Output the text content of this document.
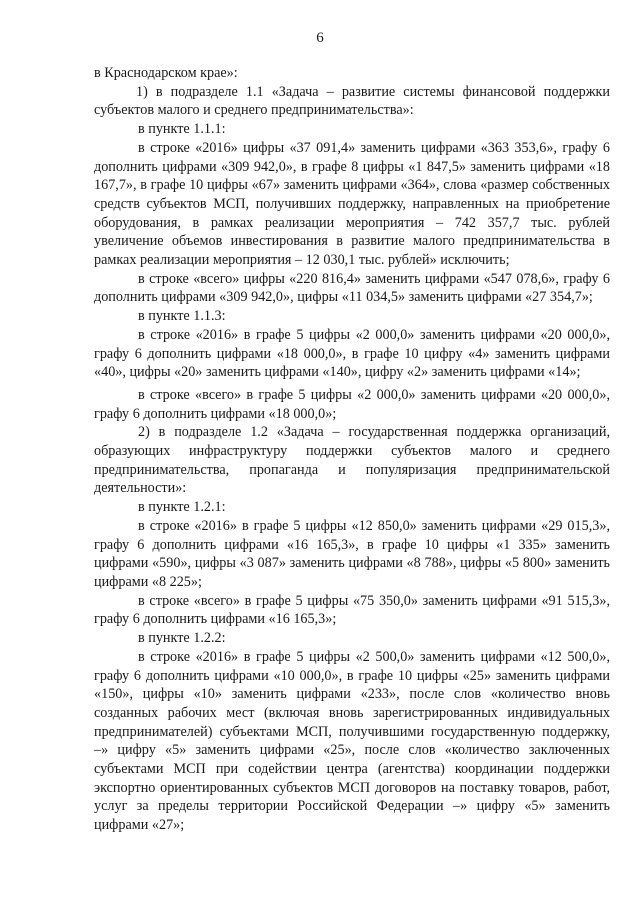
6

в Краснодарском крае»:

1) в подразделе 1.1 «Задача – развитие системы финансовой поддержки субъектов малого и среднего предпринимательства»:

в пункте 1.1.1:

в строке «2016» цифры «37 091,4» заменить цифрами «363 353,6», графу 6 дополнить цифрами «309 942,0», в графе 8 цифры «1 847,5» заменить цифрами «18 167,7», в графе 10 цифры «67» заменить цифрами «364», слова «размер собственных средств субъектов МСП, получивших поддержку, направленных на приобретение оборудования, в рамках реализации мероприятия – 742 357,7 тыс. рублей увеличение объемов инвестирования в развитие малого предпринимательства в рамках реализации мероприятия – 12 030,1 тыс. рублей» исключить;

в строке «всего» цифры «220 816,4» заменить цифрами «547 078,6», графу 6 дополнить цифрами «309 942,0», цифры «11 034,5» заменить цифрами «27 354,7»;

в пункте 1.1.3:

в строке «2016» в графе 5 цифры «2 000,0» заменить цифрами «20 000,0», графу 6 дополнить цифрами «18 000,0», в графе 10 цифру «4» заменить цифрами «40», цифры «20» заменить цифрами «140», цифру «2» заменить цифрами «14»;

в строке «всего» в графе 5 цифры «2 000,0» заменить цифрами «20 000,0», графу 6 дополнить цифрами «18 000,0»;

2) в подразделе 1.2 «Задача – государственная поддержка организаций, образующих инфраструктуру поддержки субъектов малого и среднего предпринимательства, пропаганда и популяризация предпринимательской деятельности»:

в пункте 1.2.1:

в строке «2016» в графе 5 цифры «12 850,0» заменить цифрами «29 015,3», графу 6 дополнить цифрами «16 165,3», в графе 10 цифры «1 335» заменить цифрами «590», цифры «3 087» заменить цифрами «8 788», цифры «5 800» заменить цифрами «8 225»;

в строке «всего» в графе 5 цифры «75 350,0» заменить цифрами «91 515,3», графу 6 дополнить цифрами «16 165,3»;

в пункте 1.2.2:

в строке «2016» в графе 5 цифры «2 500,0» заменить цифрами «12 500,0», графу 6 дополнить цифрами «10 000,0», в графе 10 цифры «25» заменить цифрами «150», цифры «10» заменить цифрами «233», после слов «количество вновь созданных рабочих мест (включая вновь зарегистрированных индивидуальных предпринимателей) субъектами МСП, получившими государственную поддержку, –» цифру «5» заменить цифрами «25», после слов «количество заключенных субъектами МСП при содействии центра (агентства) координации поддержки экспортно ориентированных субъектов МСП договоров на поставку товаров, работ, услуг за пределы территории Российской Федерации –» цифру «5» заменить цифрами «27»;
